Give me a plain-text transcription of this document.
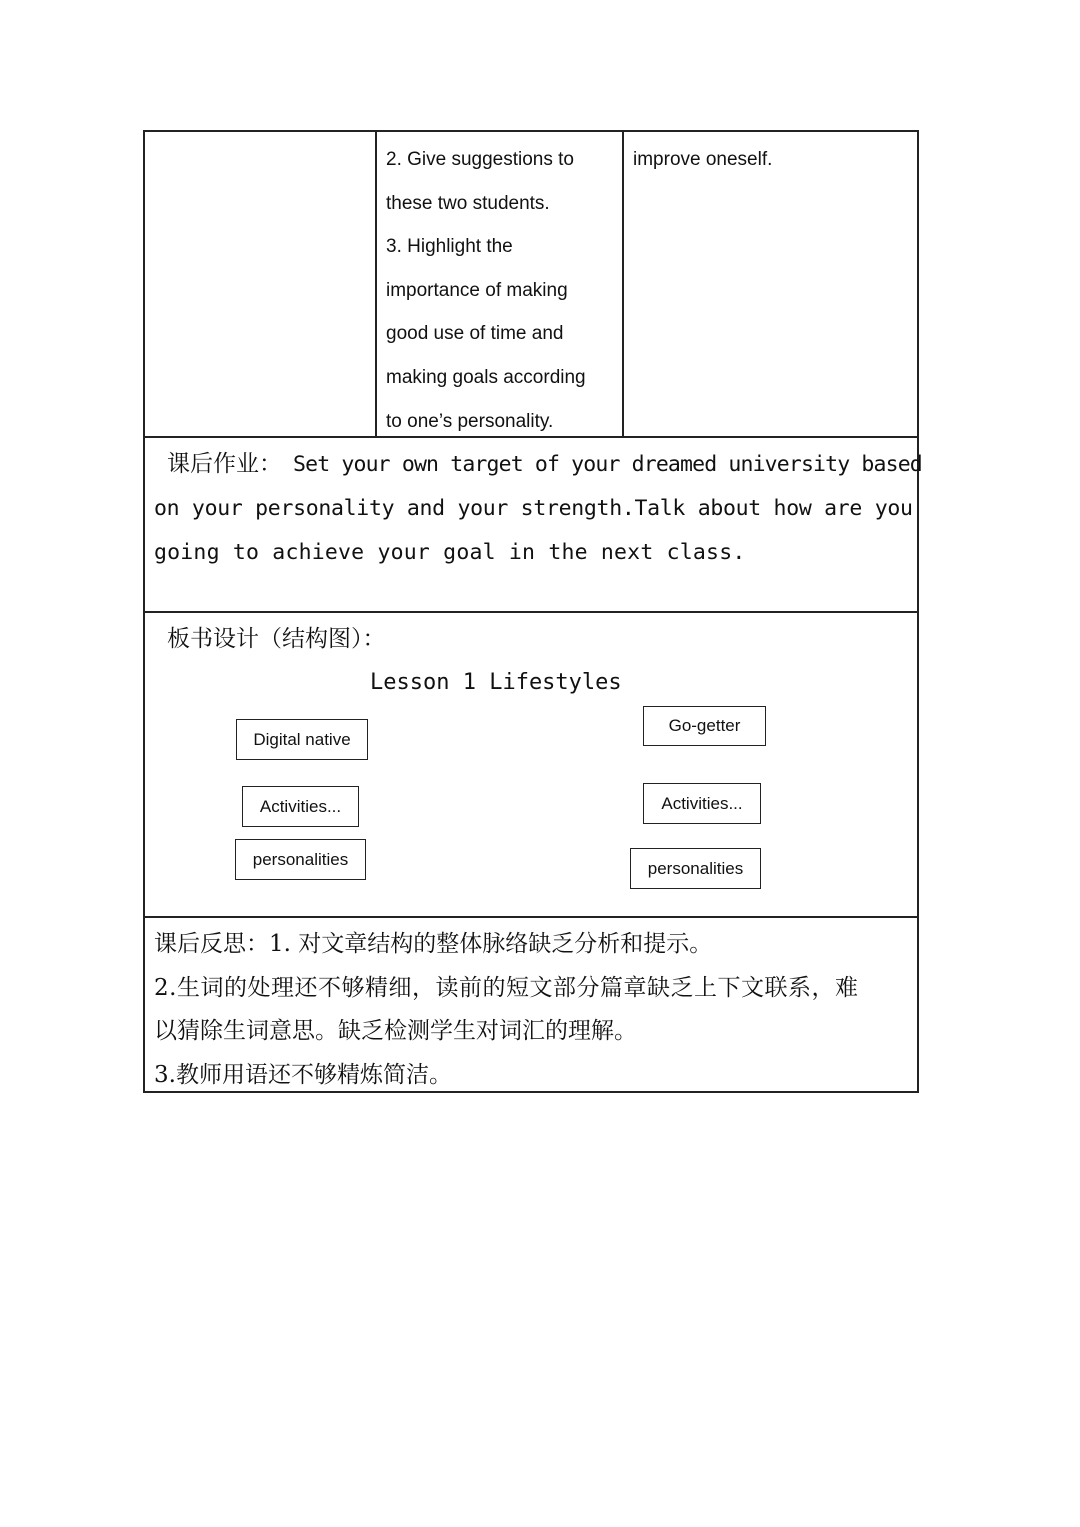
2. Give suggestions to
these two students.
3. Highlight the
importance of making
good use of time and
making goals according
to one’s personality.
improve oneself.
课后作业： Set your own target of your dreamed university based
on your personality and your strength.Talk about how are you
going to achieve your goal in the next class.
板书设计（结构图）：
Lesson 1 Lifestyles
Digital native
Activities...
personalities
Go-getter
Activities...
personalities
课后反思：1. 对文章结构的整体脉络缺乏分析和提示。
2.生词的处理还不够精细，读前的短文部分篇章缺乏上下文联系，难
以猜除生词意思。缺乏检测学生对词汇的理解。
3.教师用语还不够精炼简洁。
